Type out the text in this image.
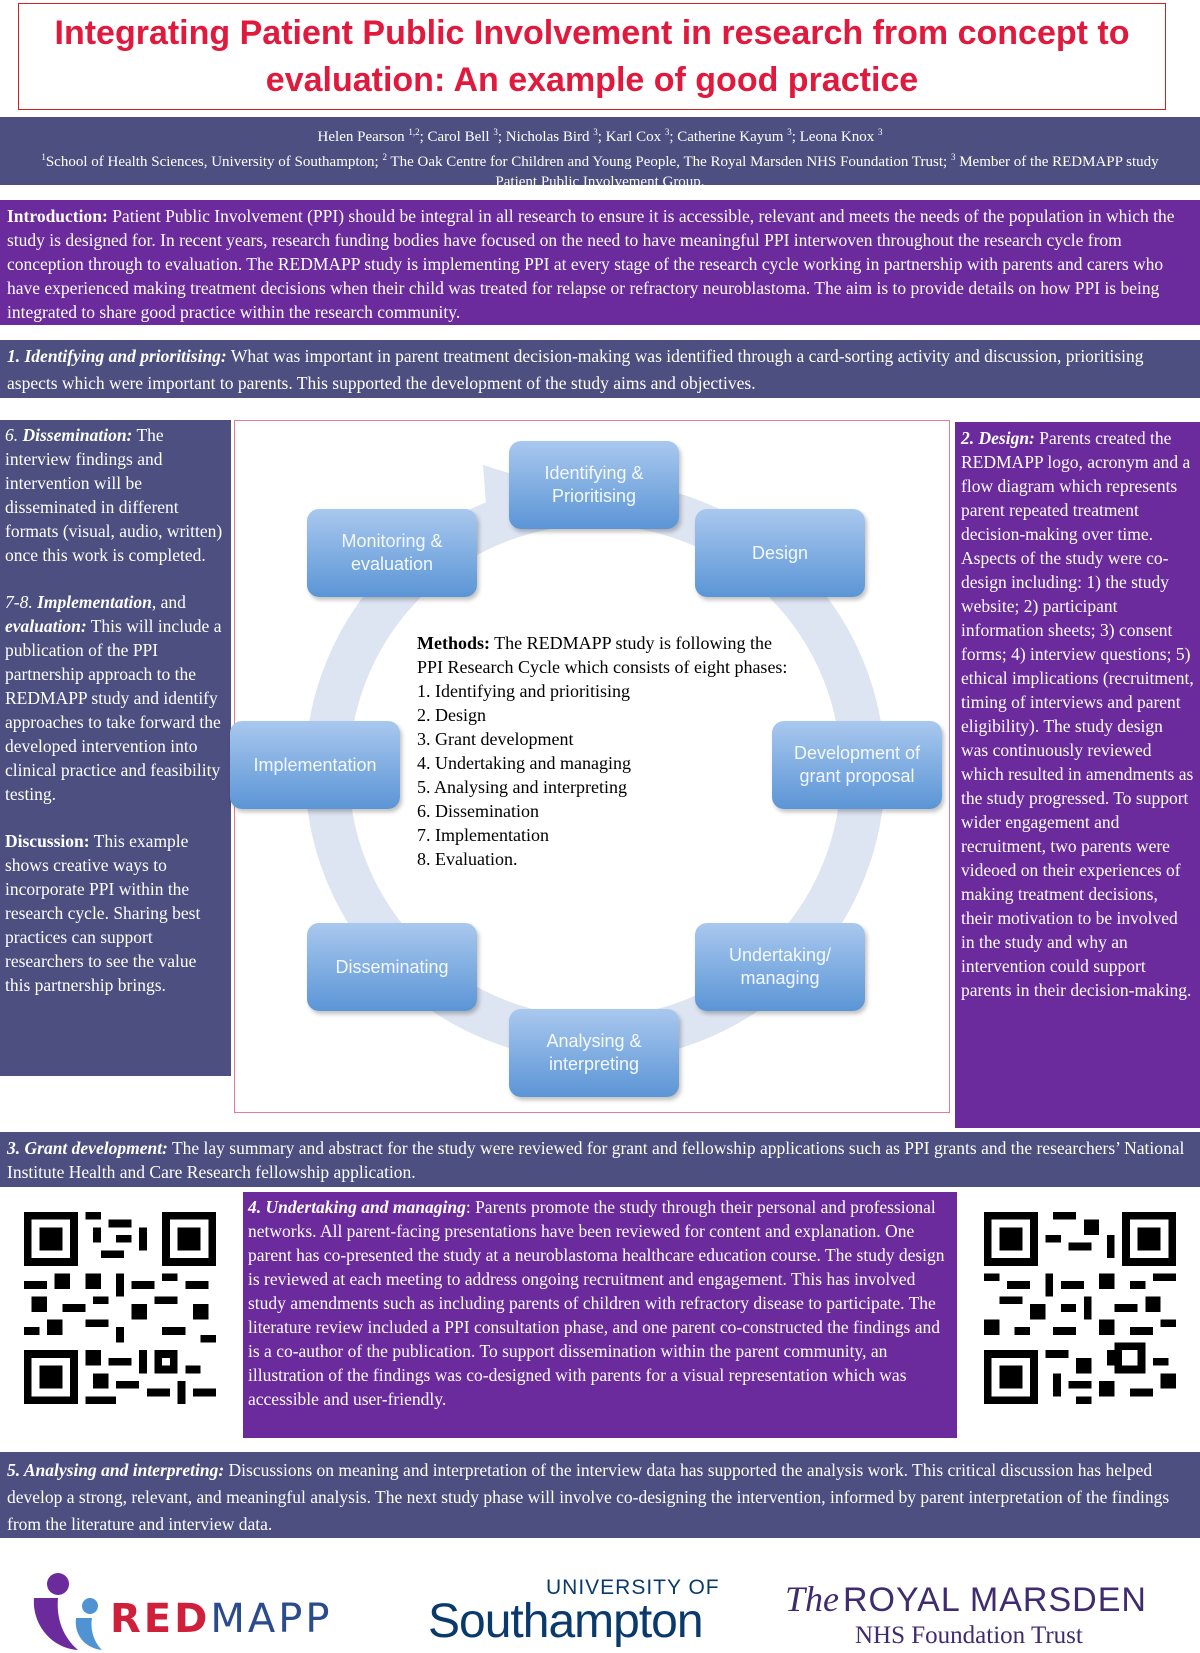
Integrating Patient Public Involvement in research from concept to evaluation: An example of good practice
Helen Pearson $^{1,2}$; Carol Bell $^3$; Nicholas Bird $^3$; Karl Cox $^3$; Catherine Kayum $^3$; Leona Knox $^3$
$^1$School of Health Sciences, University of Southampton; $^2$ The Oak Centre for Children and Young People, The Royal Marsden NHS Foundation Trust; $^3$ Member of the REDMAPP study Patient Public Involvement Group.
Introduction: Patient Public Involvement (PPI) should be integral in all research to ensure it is accessible, relevant and meets the needs of the population in which the study is designed for. In recent years, research funding bodies have focused on the need to have meaningful PPI interwoven throughout the research cycle from conception through to evaluation. The REDMAPP study is implementing PPI at every stage of the research cycle working in partnership with parents and carers who have experienced making treatment decisions when their child was treated for relapse or refractory neuroblastoma. The aim is to provide details on how PPI is being integrated to share good practice within the research community.
1. Identifying and prioritising: What was important in parent treatment decision-making was identified through a card-sorting activity and discussion, prioritising aspects which were important to parents. This supported the development of the study aims and objectives.

6. Dissemination: The interview findings and intervention will be disseminated in different formats (visual, audio, written) once this work is completed.

7-8. Implementation, and evaluation: This will include a publication of the PPI partnership approach to the REDMAPP study and identify approaches to take forward the developed intervention into clinical practice and feasibility testing.

Discussion: This example shows creative ways to incorporate PPI within the research cycle. Sharing best practices can support researchers to see the value this partnership brings.

Identifying & Prioritising
Design
Development of grant proposal
Undertaking/ managing
Analysing & interpreting
Disseminating
Implementation
Monitoring & evaluation
Methods: The REDMAPP study is following the PPI Research Cycle which consists of eight phases:
1. Identifying and prioritising
2. Design
3. Grant development
4. Undertaking and managing
5. Analysing and interpreting
6. Dissemination
7. Implementation
8. Evaluation.
2. Design: Parents created the REDMAPP logo, acronym and a flow diagram which represents parent repeated treatment decision-making over time. Aspects of the study were co-design including: 1) the study website; 2) participant information sheets; 3) consent forms; 4) interview questions; 5) ethical implications (recruitment, timing of interviews and parent eligibility). The study design was continuously reviewed which resulted in amendments as the study progressed. To support wider engagement and recruitment, two parents were videoed on their experiences of making treatment decisions, their motivation to be involved in the study and why an intervention could support parents in their decision-making.
3. Grant development: The lay summary and abstract for the study were reviewed for grant and fellowship applications such as PPI grants and the researchers’ National Institute Health and Care Research fellowship application.
4. Undertaking and managing: Parents promote the study through their personal and professional networks. All parent-facing presentations have been reviewed for content and explanation. One parent has co-presented the study at a neuroblastoma healthcare education course. The study design is reviewed at each meeting to address ongoing recruitment and engagement. This has involved study amendments such as including parents of children with refractory disease to participate. The literature review included a PPI consultation phase, and one parent co-constructed the findings and is a co-author of the publication. To support dissemination within the parent community, an illustration of the findings was co-designed with parents for a visual representation which was accessible and user-friendly.
5. Analysing and interpreting: Discussions on meaning and interpretation of the interview data has supported the analysis work. This critical discussion has helped develop a strong, relevant, and meaningful analysis. The next study phase will involve co-designing the intervention, informed by parent interpretation of the findings from the literature and interview data.
REDMAPP
UNIVERSITY OF
Southampton The ROYAL MARSDEN
NHS Foundation Trust
